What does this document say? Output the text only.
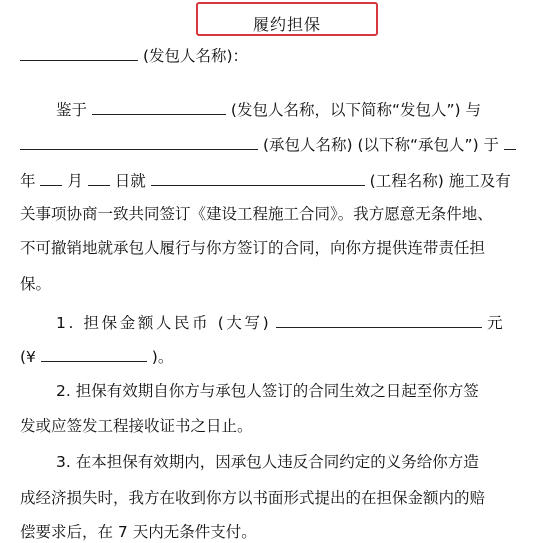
履约担保
(发包人名称)：
鉴于	(发包人名称，以下简称“发包人”) 与
(承包人名称) (以下称“承包人”) 于
年 月 日就	(工程名称) 施工及有
关事项协商一致共同签订《建设工程施工合同》。我方愿意无条件地、
不可撤销地就承包人履行与你方签订的合同，向你方提供连带责任担
保。
1. 担保金额人民币 (大写)	元
(¥	)。
2. 担保有效期自你方与承包人签订的合同生效之日起至你方签
发或应签发工程接收证书之日止。
3. 在本担保有效期内，因承包人违反合同约定的义务给你方造
成经济损失时，我方在收到你方以书面形式提出的在担保金额内的赔
偿要求后，在 7 天内无条件支付。
